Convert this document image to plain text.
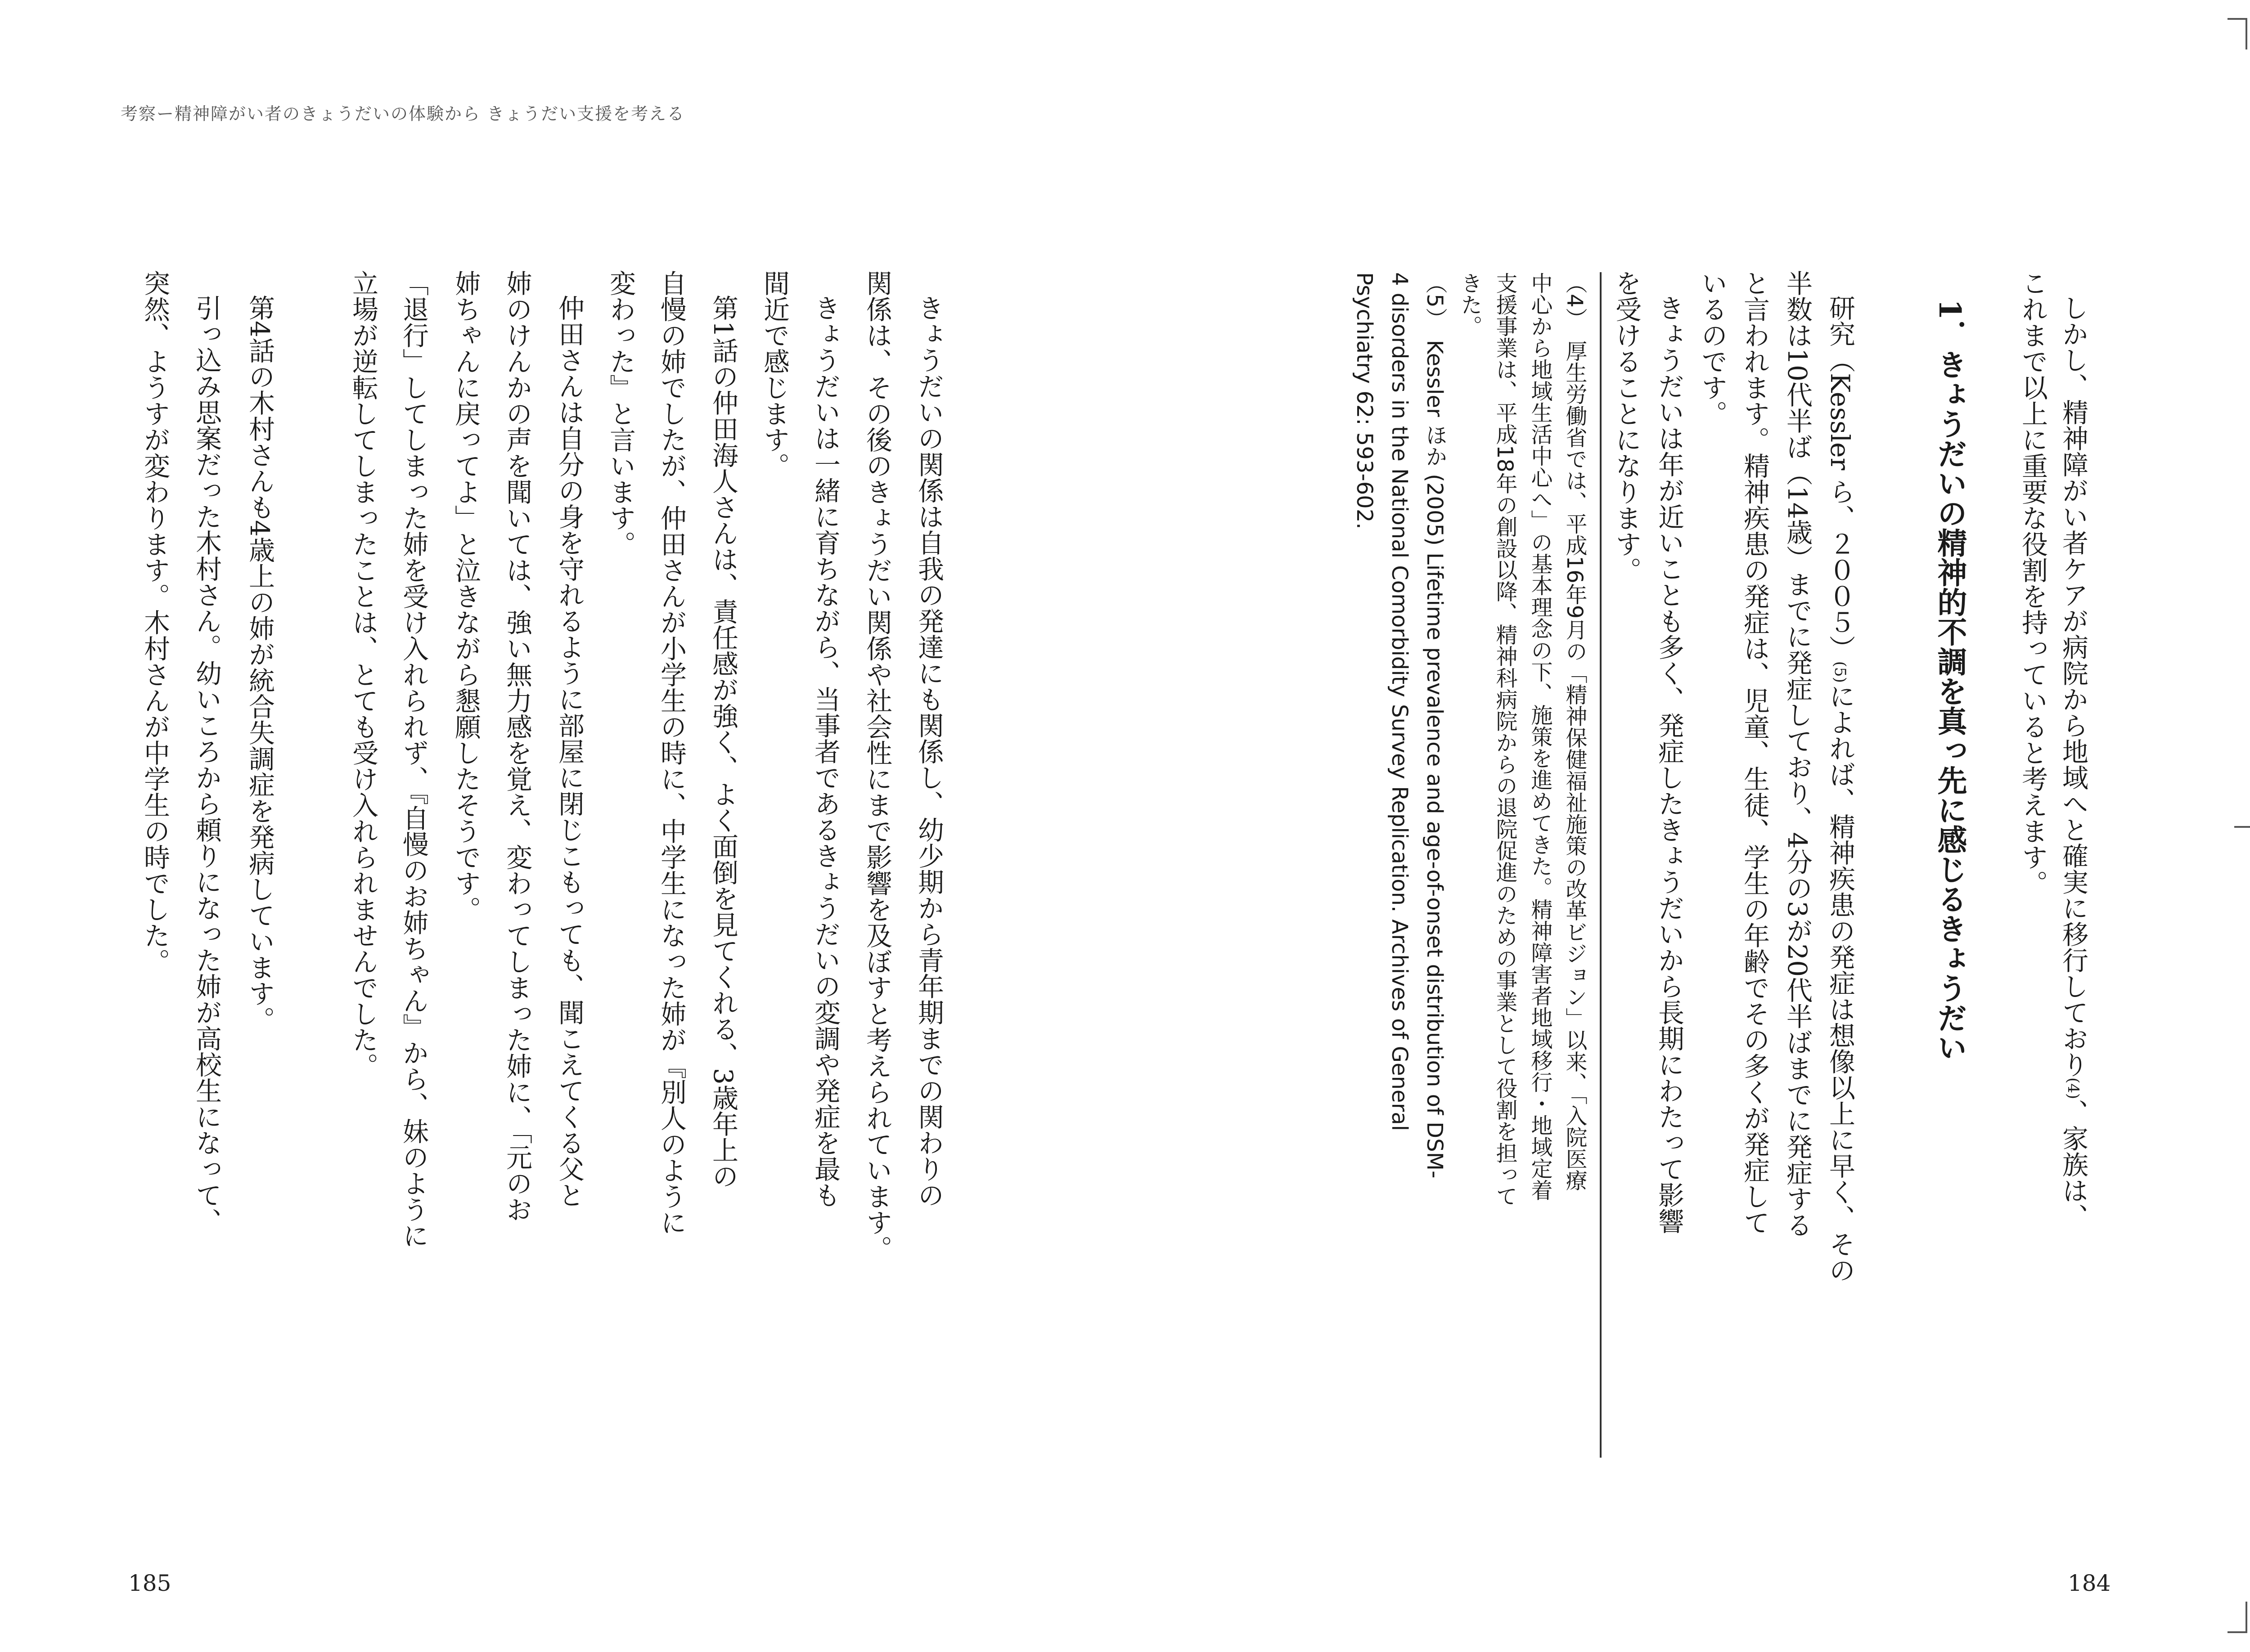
考察ー精神障がい者のきょうだいの体験から きょうだい支援を考える
しかし、精神障がい者ケアが病院から地域へと確実に移行しており(4)、家族は、
これまで以上に重要な役割を持っていると考えます。
1．きょうだいの精神的不調を真っ先に感じるきょうだい
研究（Kessler ら、２００５）(5)によれば、精神疾患の発症は想像以上に早く、その
半数は10代半ば（14歳）までに発症しており、4分の3が20代半ばまでに発症する
と言われます。精神疾患の発症は、児童、生徒、学生の年齢でその多くが発症して
いるのです。
きょうだいは年が近いことも多く、発症したきょうだいから長期にわたって影響
を受けることになります。
（4）　厚生労働省では、平成16年9月の「精神保健福祉施策の改革ビジョン」以来、「入院医療
中心から地域生活中心へ」の基本理念の下、施策を進めてきた。精神障害者地域移行・地域定着
支援事業は、平成18年の創設以降、精神科病院からの退院促進のための事業として役割を担って
きた。
（5）　Kessler ほか (2005) Lifetime prevalence and age-of-onset distribution of DSM-
4 disorders in the National Comorbidity Survey Replication. Archives of General
Psychiatry 62: 593-602.
184
きょうだいの関係は自我の発達にも関係し、幼少期から青年期までの関わりの
関係は、その後のきょうだい関係や社会性にまで影響を及ぼすと考えられています。
きょうだいは一緒に育ちながら、当事者であるきょうだいの変調や発症を最も
間近で感じます。
第1話の仲田海人さんは、責任感が強く、よく面倒を見てくれる、3歳年上の
自慢の姉でしたが、仲田さんが小学生の時に、中学生になった姉が『別人のように
変わった』と言います。
仲田さんは自分の身を守れるように部屋に閉じこもっても、聞こえてくる父と
姉のけんかの声を聞いては、強い無力感を覚え、変わってしまった姉に、「元のお
姉ちゃんに戻ってよ」と泣きながら懇願したそうです。
「退行」してしまった姉を受け入れられず、『自慢のお姉ちゃん』から、妹のように
立場が逆転してしまったことは、とても受け入れられませんでした。
第4話の木村さんも4歳上の姉が統合失調症を発病しています。
引っ込み思案だった木村さん。幼いころから頼りになった姉が高校生になって、
突然、ようすが変わります。木村さんが中学生の時でした。
185
